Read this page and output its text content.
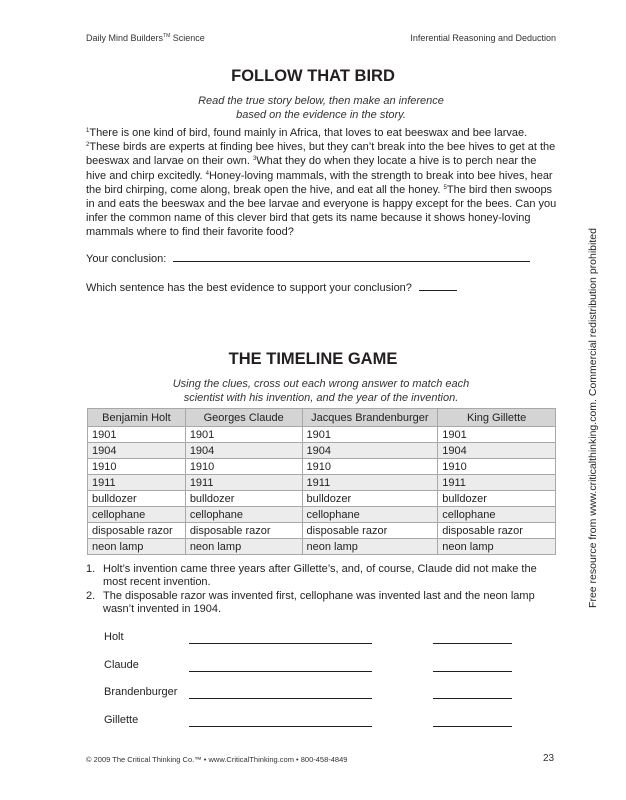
Daily Mind Builders™ Science	Inferential Reasoning and Deduction
FOLLOW THAT BIRD
Read the true story below, then make an inference
based on the evidence in the story.
$^1$There is one kind of bird, found mainly in Africa, that loves to eat beeswax and bee larvae. $^2$These birds are experts at finding bee hives, but they can’t break into the bee hives to get at the beeswax and larvae on their own. $^3$What they do when they locate a hive is to perch near the hive and chirp excitedly. $^4$Honey-loving mammals, with the strength to break into bee hives, hear the bird chirping, come along, break open the hive, and eat all the honey. $^5$The bird then swoops in and eats the beeswax and the bee larvae and everyone is happy except for the bees. Can you infer the common name of this clever bird that gets its name because it shows honey-loving mammals where to find their favorite food?
Your conclusion:
Which sentence has the best evidence to support your conclusion?
THE TIMELINE GAME
Using the clues, cross out each wrong answer to match each
scientist with his invention, and the year of the invention.
Benjamin Holt	Georges Claude	Jacques Brandenburger	King Gillette
1901	1901	1901	1901
1904	1904	1904	1904
1910	1910	1910	1910
1911	1911	1911	1911
bulldozer	bulldozer	bulldozer	bulldozer
cellophane	cellophane	cellophane	cellophane
disposable razor	disposable razor	disposable razor	disposable razor
neon lamp	neon lamp	neon lamp	neon lamp
1. Holt’s invention came three years after Gillette’s, and, of course, Claude did not make the most recent invention.
2. The disposable razor was invented first, cellophane was invented last and the neon lamp wasn’t invented in 1904.
Holt
Claude
Brandenburger
Gillette
© 2009 The Critical Thinking Co.™ • www.CriticalThinking.com • 800-458-4849	23
Free resource from www.criticalthinking.com. Commercial redistribution prohibited
